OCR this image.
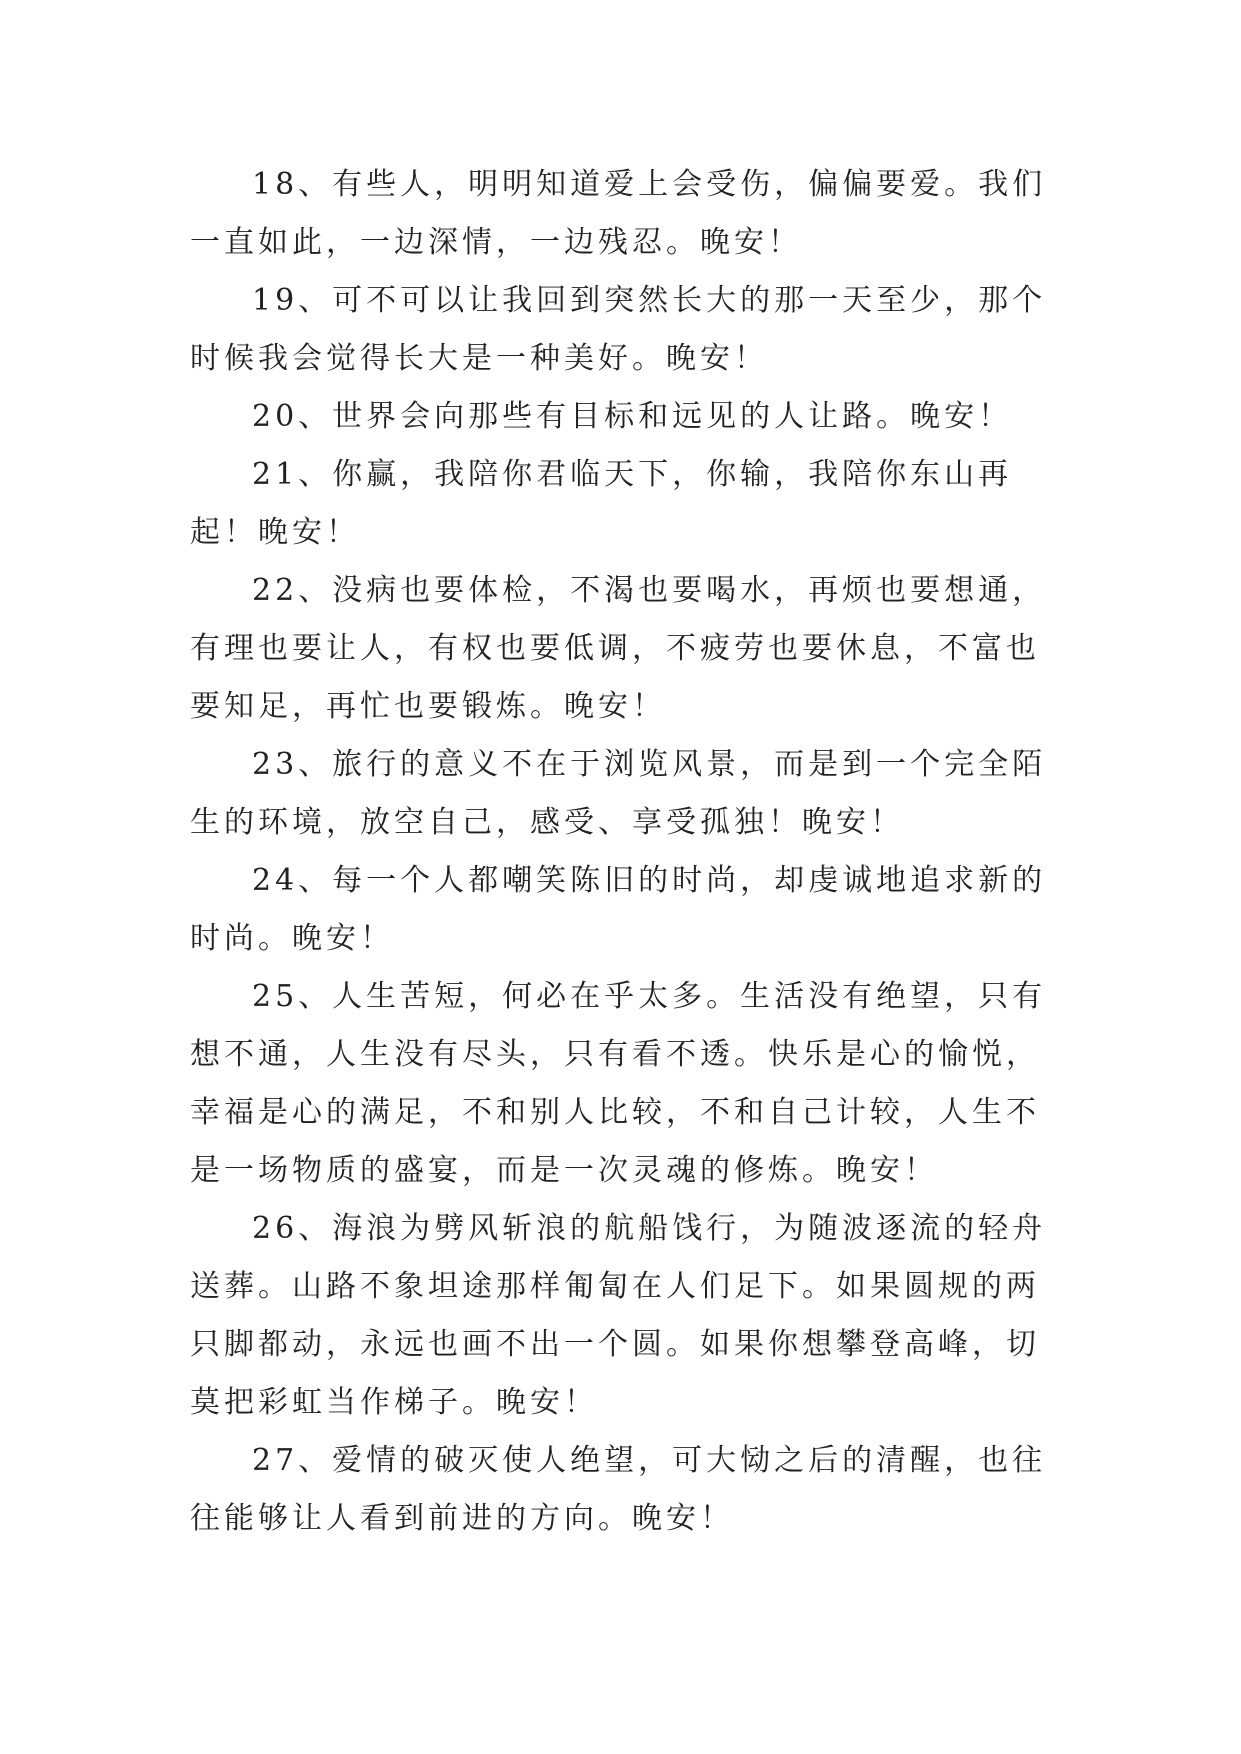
18、有些人，明明知道爱上会受伤，偏偏要爱。我们一直如此，一边深情，一边残忍。晚安！

19、可不可以让我回到突然长大的那一天至少，那个时候我会觉得长大是一种美好。晚安！

20、世界会向那些有目标和远见的人让路。晚安！

21、你赢，我陪你君临天下，你输，我陪你东山再起！晚安！

22、没病也要体检，不渴也要喝水，再烦也要想通，有理也要让人，有权也要低调，不疲劳也要休息，不富也要知足，再忙也要锻炼。晚安！

23、旅行的意义不在于浏览风景，而是到一个完全陌生的环境，放空自己，感受、享受孤独！晚安！

24、每一个人都嘲笑陈旧的时尚，却虔诚地追求新的时尚。晚安！

25、人生苦短，何必在乎太多。生活没有绝望，只有想不通，人生没有尽头，只有看不透。快乐是心的愉悦，幸福是心的满足，不和别人比较，不和自己计较，人生不是一场物质的盛宴，而是一次灵魂的修炼。晚安！

26、海浪为劈风斩浪的航船饯行，为随波逐流的轻舟送葬。山路不象坦途那样匍匐在人们足下。如果圆规的两只脚都动，永远也画不出一个圆。如果你想攀登高峰，切莫把彩虹当作梯子。晚安！

27、爱情的破灭使人绝望，可大恸之后的清醒，也往往能够让人看到前进的方向。晚安！
